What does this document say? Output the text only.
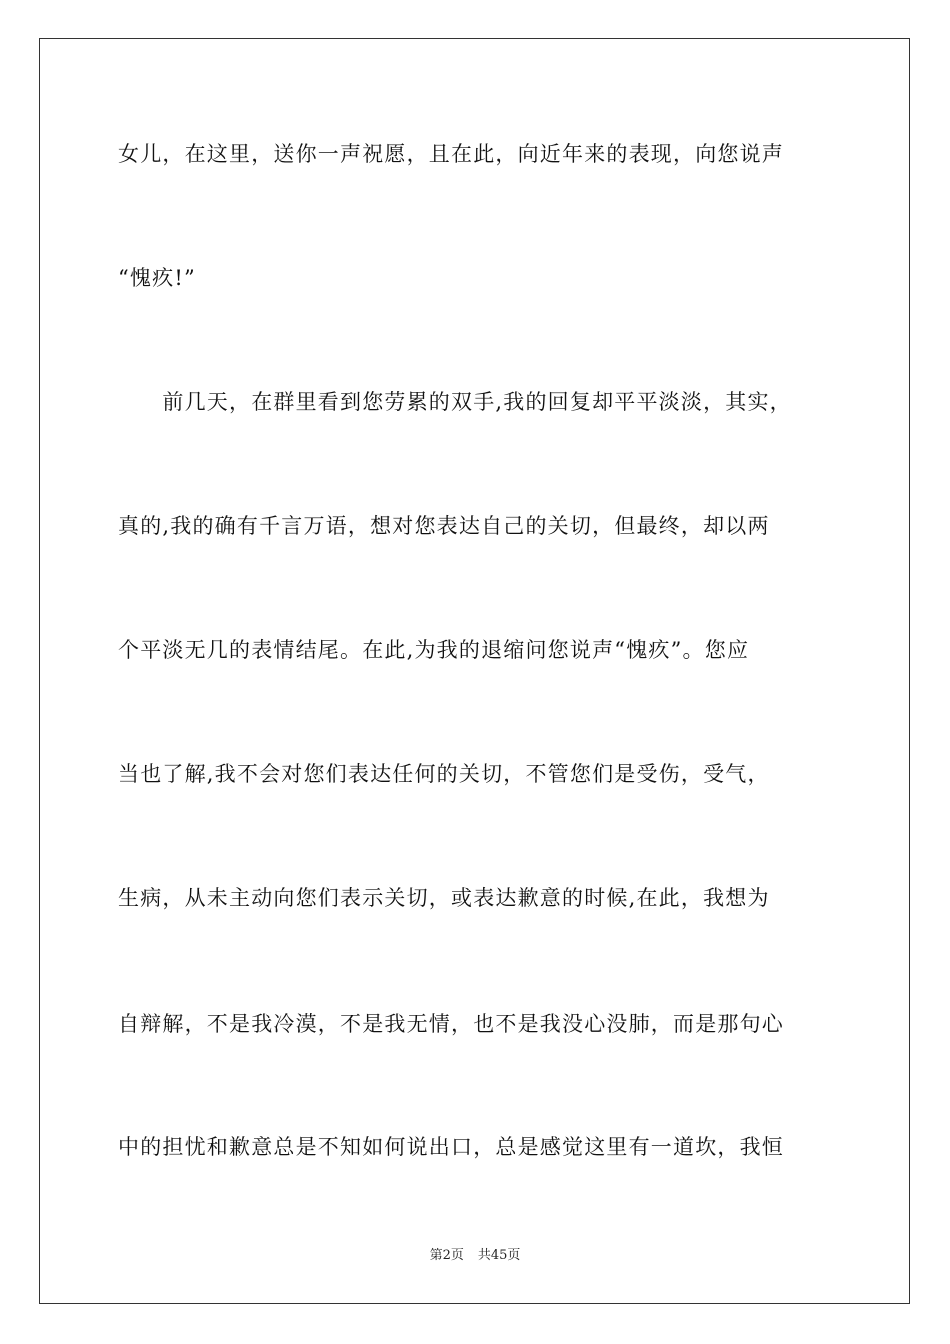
女儿，在这里，送你一声祝愿，且在此，向近年来的表现，向您说声
“愧疚!”
　　前几天，在群里看到您劳累的双手,我的回复却平平淡淡，其实，
真的,我的确有千言万语，想对您表达自己的关切，但最终，却以两
个平淡无几的表情结尾。在此,为我的退缩问您说声“愧疚”。您应
当也了解,我不会对您们表达任何的关切，不管您们是受伤，受气，
生病，从未主动向您们表示关切，或表达歉意的时候,在此，我想为
自辩解，不是我冷漠，不是我无情，也不是我没心没肺，而是那句心
中的担忧和歉意总是不知如何说出口，总是感觉这里有一道坎，我恒
第2页 共45页
